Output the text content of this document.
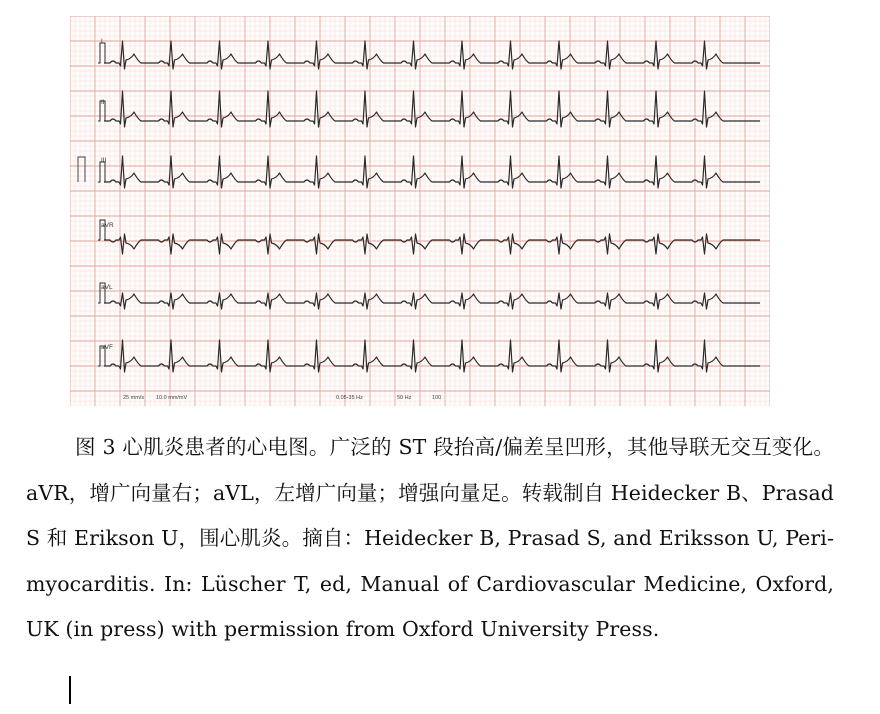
I
II
III
aVR
aVL
aVF
25 mm/s 10.0 mm/mV	0.05-35 Hz	50 Hz	100

图 3 心肌炎患者的心电图。广泛的 ST 段抬高/偏差呈凹形，其他导联无交互变化。aVR，增广向量右；aVL，左增广向量；增强向量足。转载制自 Heidecker B、Prasad S 和 Erikson U，围心肌炎。摘自：Heidecker B, Prasad S, and Eriksson U, Peri-myocarditis. In: Lüscher T, ed, Manual of Cardiovascular Medicine, Oxford, UK (in press) with permission from Oxford University Press.
